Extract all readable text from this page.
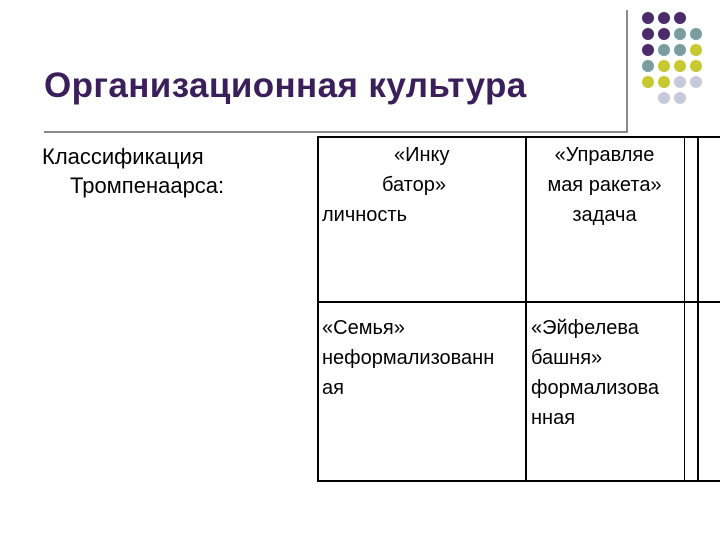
Организационная культура
Классификация
Тромпенаарса:
«Инку
батор»
личность
«Управляе
мая ракета»
задача
«Семья»
неформализованн
ая
«Эйфелева
башня»
формализова
нная
